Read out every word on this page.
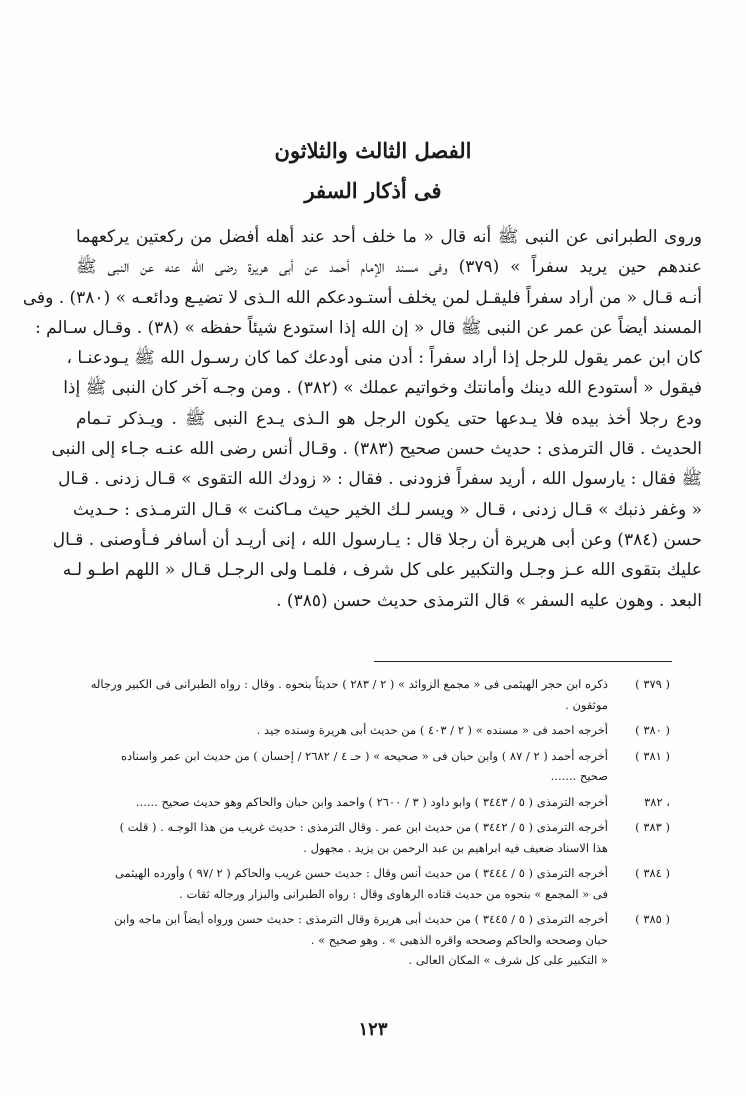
الفصل الثالث والثلاثون
فى أذكار السفر
وروى الطبرانى عن النبى ﷺ أنه قال « ما خلف أحد عند أهله أفضل من ركعتين يركعهما
عندهم حين يريد سفراً » (٣٧٩) وفى مسند الإمام أحمد عن أبى هريرة رضى الله عنه عن النبى ﷺ
أنـه قـال « من أراد سفراً فليقـل لمن يخلف أستـودعكم الله الـذى لا تضيـع ودائعـه » (٣٨٠) . وفى
المسند أيضاً عن عمر عن النبى ﷺ قال « إن الله إذا استودع شيئاً حفظه » (٣٨) . وقـال سـالم :
كان ابن عمر يقول للرجل إذا أراد سفراً : أدن منى أودعك كما كان رسـول الله ﷺ يـودعنـا ،
فيقول « أستودع الله دينك وأمانتك وخواتيم عملك » (٣٨٢) . ومن وجـه آخر كان النبى ﷺ إذا
ودع رجلا أخذ بيده فلا يـدعها حتى يكون الرجل هو الـذى يـدع النبى ﷺ . ويـذكر تـمام
الحديث . قال الترمذى : حديث حسن صحيح (٣٨٣) . وقـال أنس رضى الله عنـه جـاء إلى النبى
ﷺ فقال : يارسول الله ، أريد سفراً فزودنى . فقال : « زودك الله التقوى » قـال زدنى . قـال
« وغفر ذنبك » قـال زدنى ، قـال « ويسر لـك الخير حيث مـاكنت » قـال الترمـذى : حـديث
حسن (٣٨٤) وعن أبى هريرة أن رجلا قال : يـارسول الله ، إنى أريـد أن أسافر فـأوصنى . قـال
عليك بتقوى الله عـز وجـل والتكبير على كل شرف ، فلمـا ولى الرجـل قـال « اللهم اطـو لـه
البعد . وهون عليه السفر » قال الترمذى حديث حسن (٣٨٥) .
( ٣٧٩ )
ذكره ابن حجر الهيثمى فى « مجمع الزوائد » ( ٢ / ٢٨٣ ) حديثاً بنحوه . وقال : رواه الطبرانى فى الكبير ورجاله
موثقون .
( ٣٨٠ )
أخرجه احمد فى « مسنده » ( ٢ / ٤٠٣ ) من حديث أبى هريرة وسنده جيد .
( ٣٨١ )
أخرجه أحمد ( ٢ / ٨٧ ) وابن حبان فى « صحيحه » ( حـ ٤ / ٢٦٨٢ / إحسان ) من حديث ابن عمر واسناده
صحيح .......
٣٨٢ ،
أخرجه الترمذى ( ٥ / ٣٤٤٣ ) وابو داود ( ٣ / ٢٦٠٠ ) واحمد وابن حبان والحاكم وهو حديث صحيح ......
( ٣٨٣ )
أخرجه الترمذى ( ٥ / ٣٤٤٢ ) من حديث ابن عمر . وقال الترمذى : حديث غريب من هذا الوجـه . ( قلت )
هذا الاسناد ضعيف فيه ابراهيم بن عبد الرحمن بن يزيد . مجهول .
( ٣٨٤ )
أخرجه الترمذى ( ٥ / ٣٤٤٤ ) من حديث أنس وقال : حديث حسن غريب والحاكم ( ٢ /٩٧ ) وأورده الهيثمى
فى « المجمع » بنحوه من حديث قتاده الرهاوى وقال : رواه الطبرانى والبزار ورجاله ثقات .
( ٣٨٥ )
أخرجه الترمذى ( ٥ / ٣٤٤٥ ) من حديث أبى هريرة وقال الترمذى : حديث حسن ورواه أيضاً ابن ماجه وابن
حبان وصححه والحاكم وصححه واقره الذهبى » . وهو صحيح » .
« التكبير على كل شرف » المكان العالى .
١٢٣
